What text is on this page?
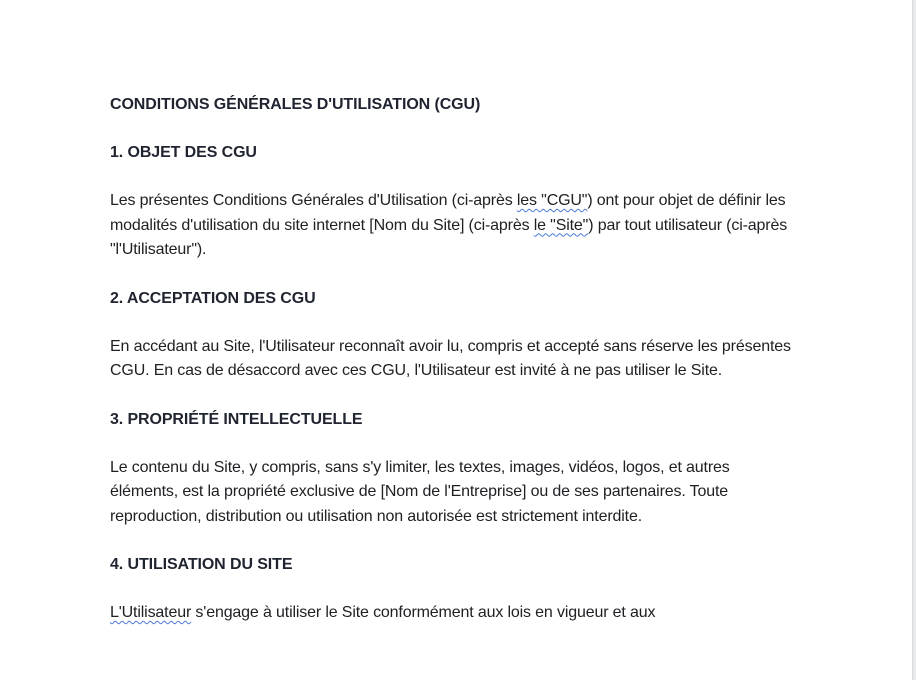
CONDITIONS GÉNÉRALES D'UTILISATION (CGU)
1. OBJET DES CGU

Les présentes Conditions Générales d'Utilisation (ci-après les "CGU") ont pour objet de définir les modalités d'utilisation du site internet [Nom du Site] (ci-après le "Site") par tout utilisateur (ci-après "l'Utilisateur").

2. ACCEPTATION DES CGU

En accédant au Site, l'Utilisateur reconnaît avoir lu, compris et accepté sans réserve les présentes CGU. En cas de désaccord avec ces CGU, l'Utilisateur est invité à ne pas utiliser le Site.

3. PROPRIÉTÉ INTELLECTUELLE

Le contenu du Site, y compris, sans s'y limiter, les textes, images, vidéos, logos, et autres éléments, est la propriété exclusive de [Nom de l'Entreprise] ou de ses partenaires. Toute reproduction, distribution ou utilisation non autorisée est strictement interdite.

4. UTILISATION DU SITE

L'Utilisateur s'engage à utiliser le Site conformément aux lois en vigueur et aux
